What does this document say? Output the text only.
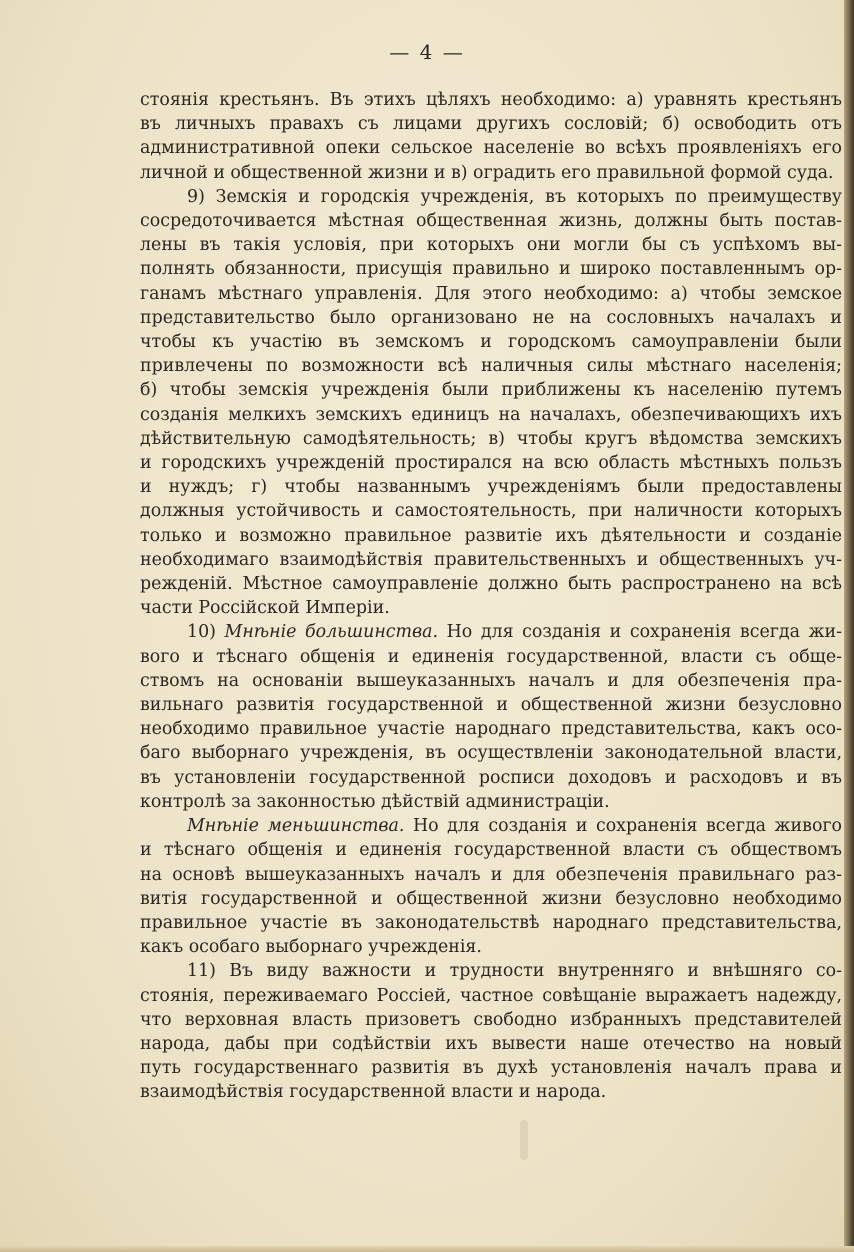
— 4 —
стоянія крестьянъ. Въ этихъ цѣляхъ необходимо: а) уравнять крестьянъ
въ личныхъ правахъ съ лицами другихъ сословій; б) освободить отъ
административной опеки сельское населеніе во всѣхъ проявленіяхъ его
личной и общественной жизни и в) оградить его правильной формой суда.
9) Земскія и городскія учрежденія, въ которыхъ по преимуществу
сосредоточивается мѣстная общественная жизнь, должны быть постав-
лены въ такія условія, при которыхъ они могли бы съ успѣхомъ вы-
полнять обязанности, присущія правильно и широко поставленнымъ ор-
ганамъ мѣстнаго управленія. Для этого необходимо: а) чтобы земское
представительство было организовано не на сословныхъ началахъ и
чтобы къ участію въ земскомъ и городскомъ самоуправленіи были
привлечены по возможности всѣ наличныя силы мѣстнаго населенія;
б) чтобы земскія учрежденія были приближены къ населенію путемъ
созданія мелкихъ земскихъ единицъ на началахъ, обезпечивающихъ ихъ
дѣйствительную самодѣятельность; в) чтобы кругъ вѣдомства земскихъ
и городскихъ учрежденій простирался на всю область мѣстныхъ пользъ
и нуждъ; г) чтобы названнымъ учрежденіямъ были предоставлены
должныя устойчивость и самостоятельность, при наличности которыхъ
только и возможно правильное развитіе ихъ дѣятельности и созданіе
необходимаго взаимодѣйствія правительственныхъ и общественныхъ уч-
режденій. Мѣстное самоуправленіе должно быть распространено на всѣ
части Россійской Имперіи.
10) Мнѣніе большинства. Но для созданія и сохраненія всегда жи-
вого и тѣснаго общенія и единенія государственной, власти съ обще-
ствомъ на основаніи вышеуказанныхъ началъ и для обезпеченія пра-
вильнаго развитія государственной и общественной жизни безусловно
необходимо правильное участіе народнаго представительства, какъ осо-
баго выборнаго учрежденія, въ осуществленіи законодательной власти,
въ установленіи государственной росписи доходовъ и расходовъ и въ
контролѣ за законностью дѣйствій администраціи.
Мнѣніе меньшинства. Но для созданія и сохраненія всегда живого
и тѣснаго общенія и единенія государственной власти съ обществомъ
на основѣ вышеуказанныхъ началъ и для обезпеченія правильнаго раз-
витія государственной и общественной жизни безусловно необходимо
правильное участіе въ законодательствѣ народнаго представительства,
какъ особаго выборнаго учрежденія.
11) Въ виду важности и трудности внутренняго и внѣшняго со-
стоянія, переживаемаго Россіей, частное совѣщаніе выражаетъ надежду,
что верховная власть призоветъ свободно избранныхъ представителей
народа, дабы при содѣйствіи ихъ вывести наше отечество на новый
путь государственнаго развитія въ духѣ установленія началъ права и
взаимодѣйствія государственной власти и народа.
